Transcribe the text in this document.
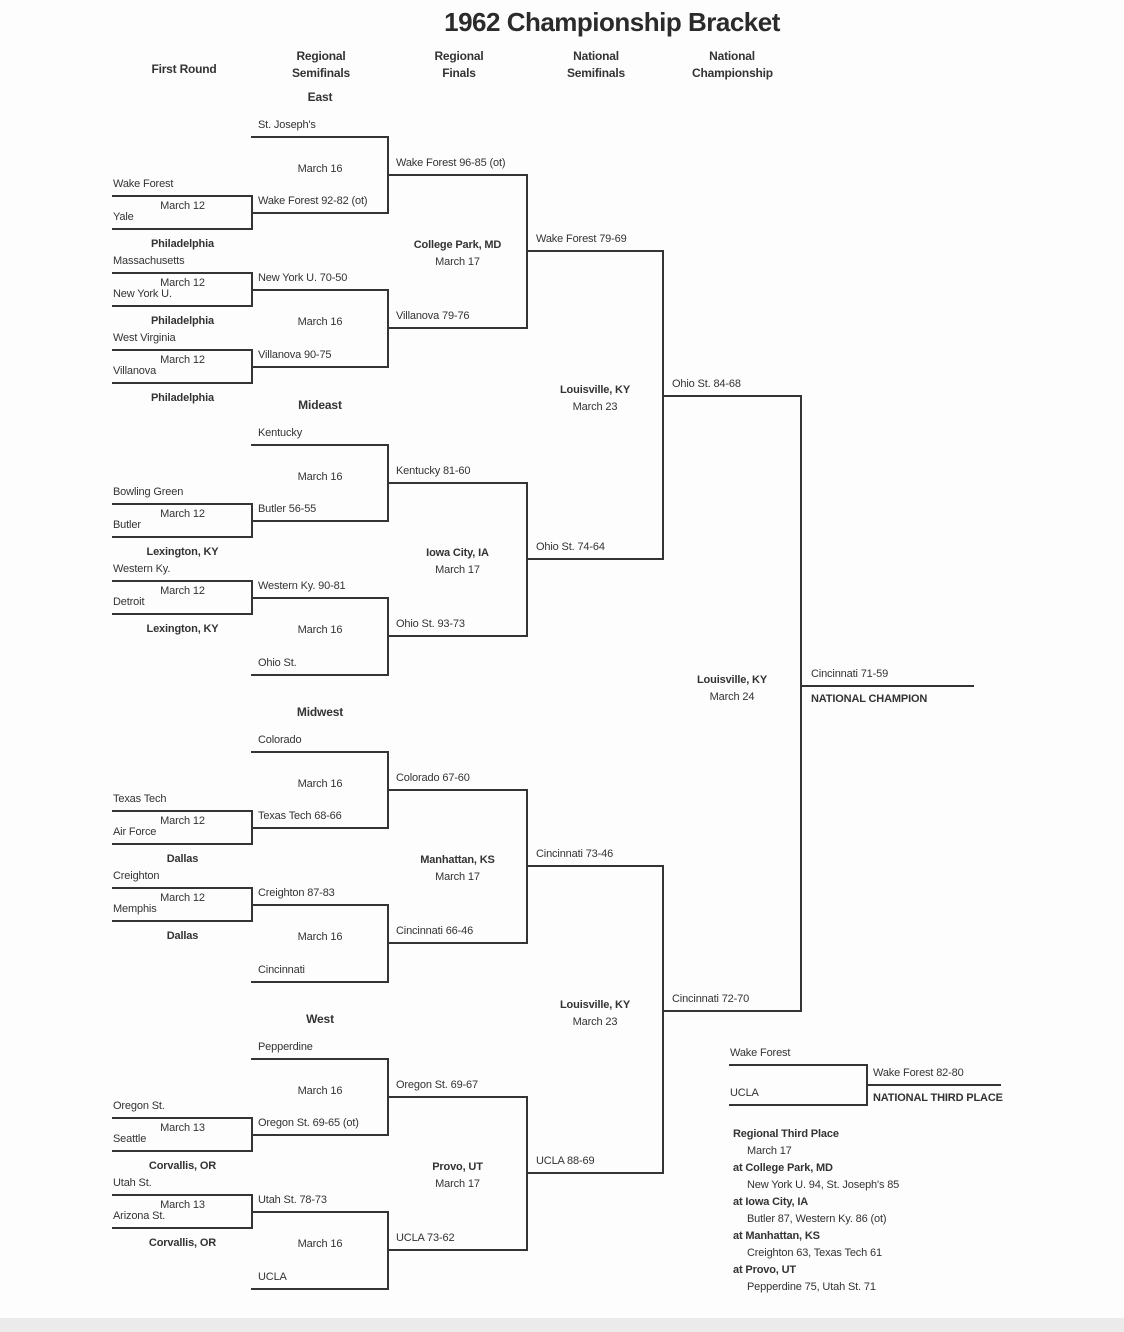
1962 Championship Bracket
First Round
Regional Semifinals
Regional Finals
National Semifinals
National Championship
East
St. Joseph's
Wake Forest 92-82 (ot)
Wake Forest
March 12
Yale
Philadelphia
New York U. 70-50
Massachusetts
March 12
New York U.
Philadelphia
Villanova 90-75
West Virginia
March 12
Villanova
Philadelphia
Wake Forest 96-85 (ot)
March 16
Villanova 79-76
March 16
Wake Forest 79-69
College Park, MD
March 17
Mideast
Kentucky
Butler 56-55
Bowling Green
March 12
Butler
Lexington, KY
Western Ky. 90-81
Western Ky.
March 12
Detroit
Lexington, KY
Ohio St.
Kentucky 81-60
March 16
Ohio St. 93-73
March 16
Ohio St. 74-64
Iowa City, IA
March 17
Midwest
Colorado
Texas Tech 68-66
Texas Tech
March 12
Air Force
Dallas
Creighton 87-83
Creighton
March 12
Memphis
Dallas
Cincinnati
Colorado 67-60
March 16
Cincinnati 66-46
March 16
Cincinnati 73-46
Manhattan, KS
March 17
West
Pepperdine
Oregon St. 69-65 (ot)
Oregon St.
March 13
Seattle
Corvallis, OR
Utah St. 78-73
Utah St.
March 13
Arizona St.
Corvallis, OR
UCLA
Oregon St. 69-67
March 16
UCLA 73-62
March 16
UCLA 88-69
Provo, UT
March 17
Ohio St. 84-68
Louisville, KY
March 23
Cincinnati 72-70
Louisville, KY
March 23
Cincinnati 71-59
NATIONAL CHAMPION
Louisville, KY
March 24
Wake Forest
UCLA
Wake Forest 82-80
NATIONAL THIRD PLACE
Regional Third Place
March 17
at College Park, MD
New York U. 94, St. Joseph's 85
at Iowa City, IA
Butler 87, Western Ky. 86 (ot)
at Manhattan, KS
Creighton 63, Texas Tech 61
at Provo, UT
Pepperdine 75, Utah St. 71
